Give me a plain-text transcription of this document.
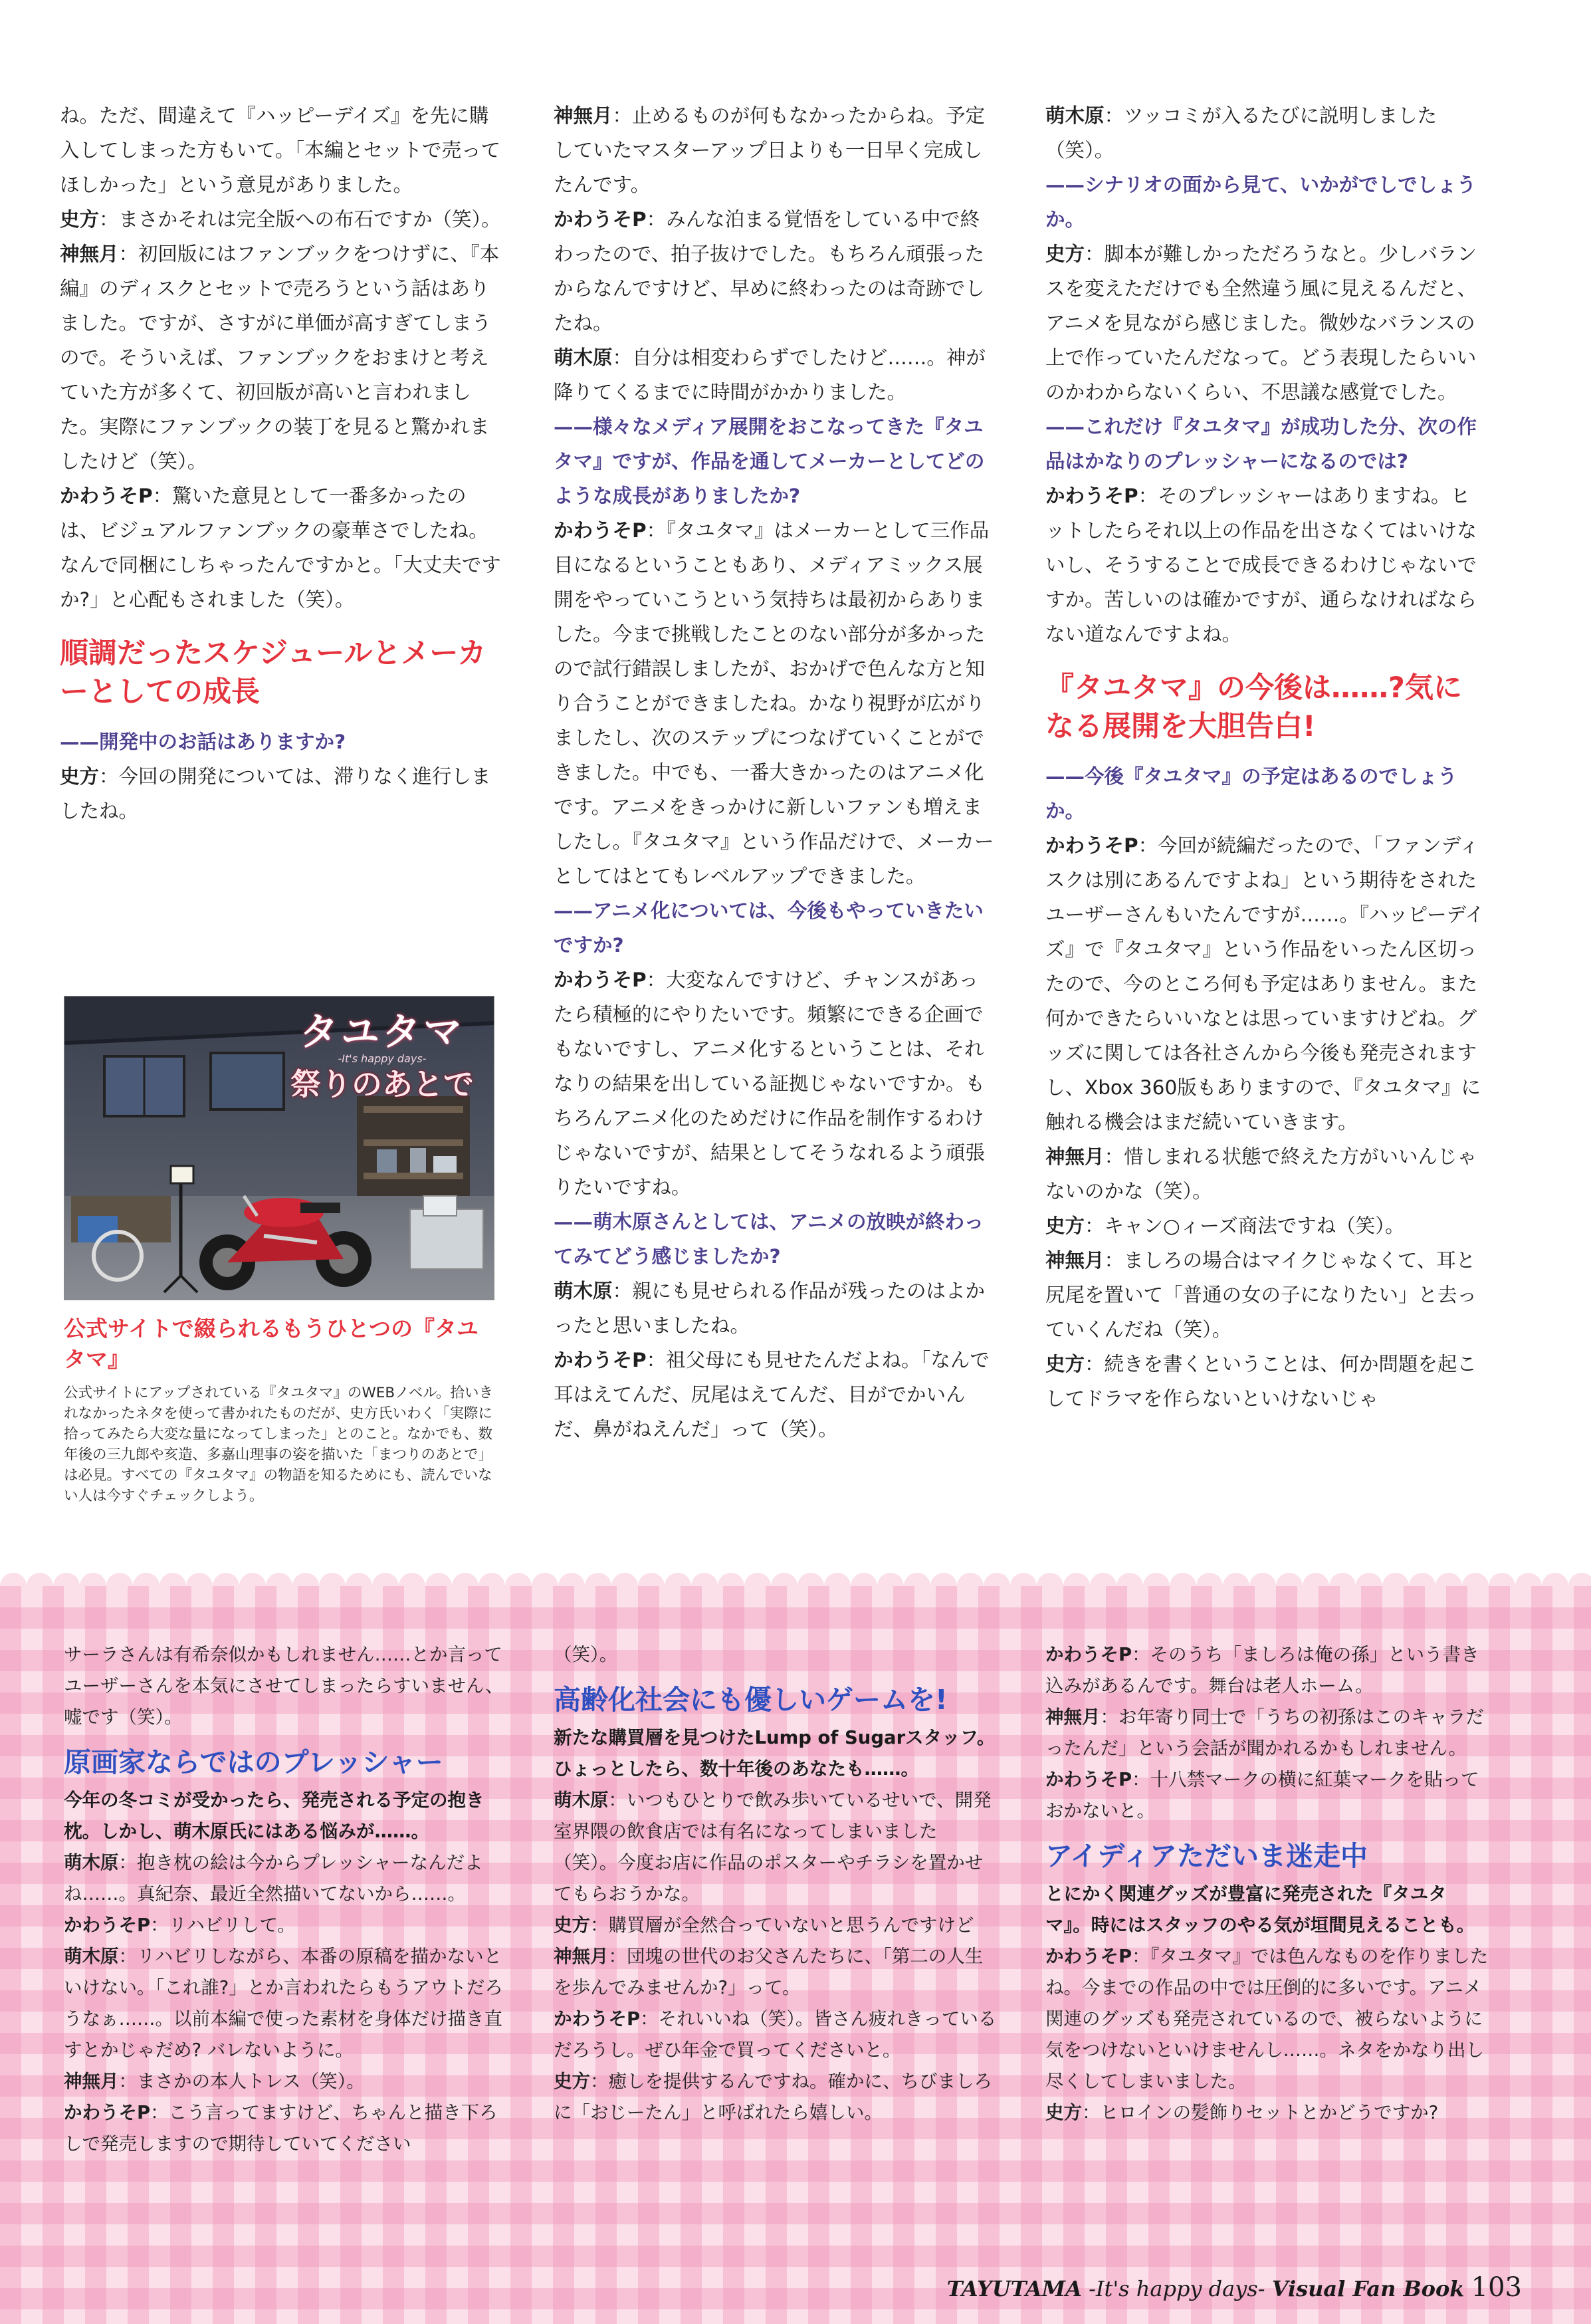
ね。ただ、間違えて『ハッピーデイズ』を先に購入してしまった方もいて。「本編とセットで売ってほしかった」という意見がありました。

史方：まさかそれは完全版への布石ですか（笑）。

神無月：初回版にはファンブックをつけずに、『本編』のディスクとセットで売ろうという話はありました。ですが、さすがに単価が高すぎてしまうので。そういえば、ファンブックをおまけと考えていた方が多くて、初回版が高いと言われました。実際にファンブックの装丁を見ると驚かれましたけど（笑）。

かわうそP：驚いた意見として一番多かったのは、ビジュアルファンブックの豪華さでしたね。なんで同梱にしちゃったんですかと。「大丈夫ですか?」と心配もされました（笑）。

順調だったスケジュールとメーカーとしての成長

——開発中のお話はありますか?

史方：今回の開発については、滞りなく進行しましたね。

神無月：止めるものが何もなかったからね。予定していたマスターアップ日よりも一日早く完成したんです。

かわうそP：みんな泊まる覚悟をしている中で終わったので、拍子抜けでした。もちろん頑張ったからなんですけど、早めに終わったのは奇跡でしたね。

萌木原：自分は相変わらずでしたけど……。神が降りてくるまでに時間がかかりました。

——様々なメディア展開をおこなってきた『タユタマ』ですが、作品を通してメーカーとしてどのような成長がありましたか?

かわうそP：『タユタマ』はメーカーとして三作品目になるということもあり、メディアミックス展開をやっていこうという気持ちは最初からありました。今まで挑戦したことのない部分が多かったので試行錯誤しましたが、おかげで色んな方と知り合うことができましたね。かなり視野が広がりましたし、次のステップにつなげていくことができました。中でも、一番大きかったのはアニメ化です。アニメをきっかけに新しいファンも増えましたし。『タユタマ』という作品だけで、メーカーとしてはとてもレベルアップできました。

——アニメ化については、今後もやっていきたいですか?

かわうそP：大変なんですけど、チャンスがあったら積極的にやりたいです。頻繁にできる企画でもないですし、アニメ化するということは、それなりの結果を出している証拠じゃないですか。もちろんアニメ化のためだけに作品を制作するわけじゃないですが、結果としてそうなれるよう頑張りたいですね。

——萌木原さんとしては、アニメの放映が終わってみてどう感じましたか?

萌木原：親にも見せられる作品が残ったのはよかったと思いましたね。

かわうそP：祖父母にも見せたんだよね。「なんで耳はえてんだ、尻尾はえてんだ、目がでかいんだ、鼻がねえんだ」って（笑）。

萌木原：ツッコミが入るたびに説明しました（笑）。

——シナリオの面から見て、いかがでしでしょうか。

史方：脚本が難しかっただろうなと。少しバランスを変えただけでも全然違う風に見えるんだと、アニメを見ながら感じました。微妙なバランスの上で作っていたんだなって。どう表現したらいいのかわからないくらい、不思議な感覚でした。

——これだけ『タユタマ』が成功した分、次の作品はかなりのプレッシャーになるのでは?

かわうそP：そのプレッシャーはありますね。ヒットしたらそれ以上の作品を出さなくてはいけないし、そうすることで成長できるわけじゃないですか。苦しいのは確かですが、通らなければならない道なんですよね。

『タユタマ』の今後は……?気になる展開を大胆告白!

——今後『タユタマ』の予定はあるのでしょうか。

かわうそP：今回が続編だったので、「ファンディスクは別にあるんですよね」という期待をされたユーザーさんもいたんですが……。『ハッピーデイズ』で『タユタマ』という作品をいったん区切ったので、今のところ何も予定はありません。また何かできたらいいなとは思っていますけどね。グッズに関しては各社さんから今後も発売されますし、Xbox 360版もありますので、『タユタマ』に触れる機会はまだ続いていきます。

神無月：惜しまれる状態で終えた方がいいんじゃないのかな（笑）。

史方：キャン○ィーズ商法ですね（笑）。

神無月：ましろの場合はマイクじゃなくて、耳と尻尾を置いて「普通の女の子になりたい」と去っていくんだね（笑）。

史方：続きを書くということは、何か問題を起こしてドラマを作らないといけないじゃ

タユタマ
-It's happy days-
祭りのあとで
公式サイトで綴られるもうひとつの『タユタマ』
公式サイトにアップされている『タユタマ』のWEBノベル。拾いきれなかったネタを使って書かれたものだが、史方氏いわく「実際に拾ってみたら大変な量になってしまった」とのこと。なかでも、数年後の三九郎や亥造、多嘉山理事の姿を描いた「まつりのあとで」は必見。すべての『タユタマ』の物語を知るためにも、読んでいない人は今すぐチェックしよう。

サーラさんは有希奈似かもしれません……とか言ってユーザーさんを本気にさせてしまったらすいません、嘘です（笑）。

原画家ならではのプレッシャー

今年の冬コミが受かったら、発売される予定の抱き枕。しかし、萌木原氏にはある悩みが……。

萌木原：抱き枕の絵は今からプレッシャーなんだよね……。真紀奈、最近全然描いてないから……。

かわうそP：リハビリして。

萌木原：リハビリしながら、本番の原稿を描かないといけない。「これ誰?」とか言われたらもうアウトだろうなぁ……。以前本編で使った素材を身体だけ描き直すとかじゃだめ? バレないように。

神無月：まさかの本人トレス（笑）。

かわうそP：こう言ってますけど、ちゃんと描き下ろしで発売しますので期待していてください

（笑）。

高齢化社会にも優しいゲームを!

新たな購買層を見つけたLump of Sugarスタッフ。ひょっとしたら、数十年後のあなたも……。

萌木原：いつもひとりで飲み歩いているせいで、開発室界隈の飲食店では有名になってしまいました（笑）。今度お店に作品のポスターやチラシを置かせてもらおうかな。

史方：購買層が全然合っていないと思うんですけど

神無月：団塊の世代のお父さんたちに、「第二の人生を歩んでみませんか?」って。

かわうそP：それいいね（笑）。皆さん疲れきっているだろうし。ぜひ年金で買ってくださいと。

史方：癒しを提供するんですね。確かに、ちびましろに「おじーたん」と呼ばれたら嬉しい。

かわうそP：そのうち「ましろは俺の孫」という書き込みがあるんです。舞台は老人ホーム。

神無月：お年寄り同士で「うちの初孫はこのキャラだったんだ」という会話が聞かれるかもしれません。

かわうそP：十八禁マークの横に紅葉マークを貼っておかないと。

アイディアただいま迷走中

とにかく関連グッズが豊富に発売された『タユタマ』。時にはスタッフのやる気が垣間見えることも。

かわうそP：『タユタマ』では色んなものを作りましたね。今までの作品の中では圧倒的に多いです。アニメ関連のグッズも発売されているので、被らないように気をつけないといけませんし……。ネタをかなり出し尽くしてしまいました。

史方：ヒロインの髪飾りセットとかどうですか?

TAYUTAMA -It's happy days- Visual Fan Book 103
